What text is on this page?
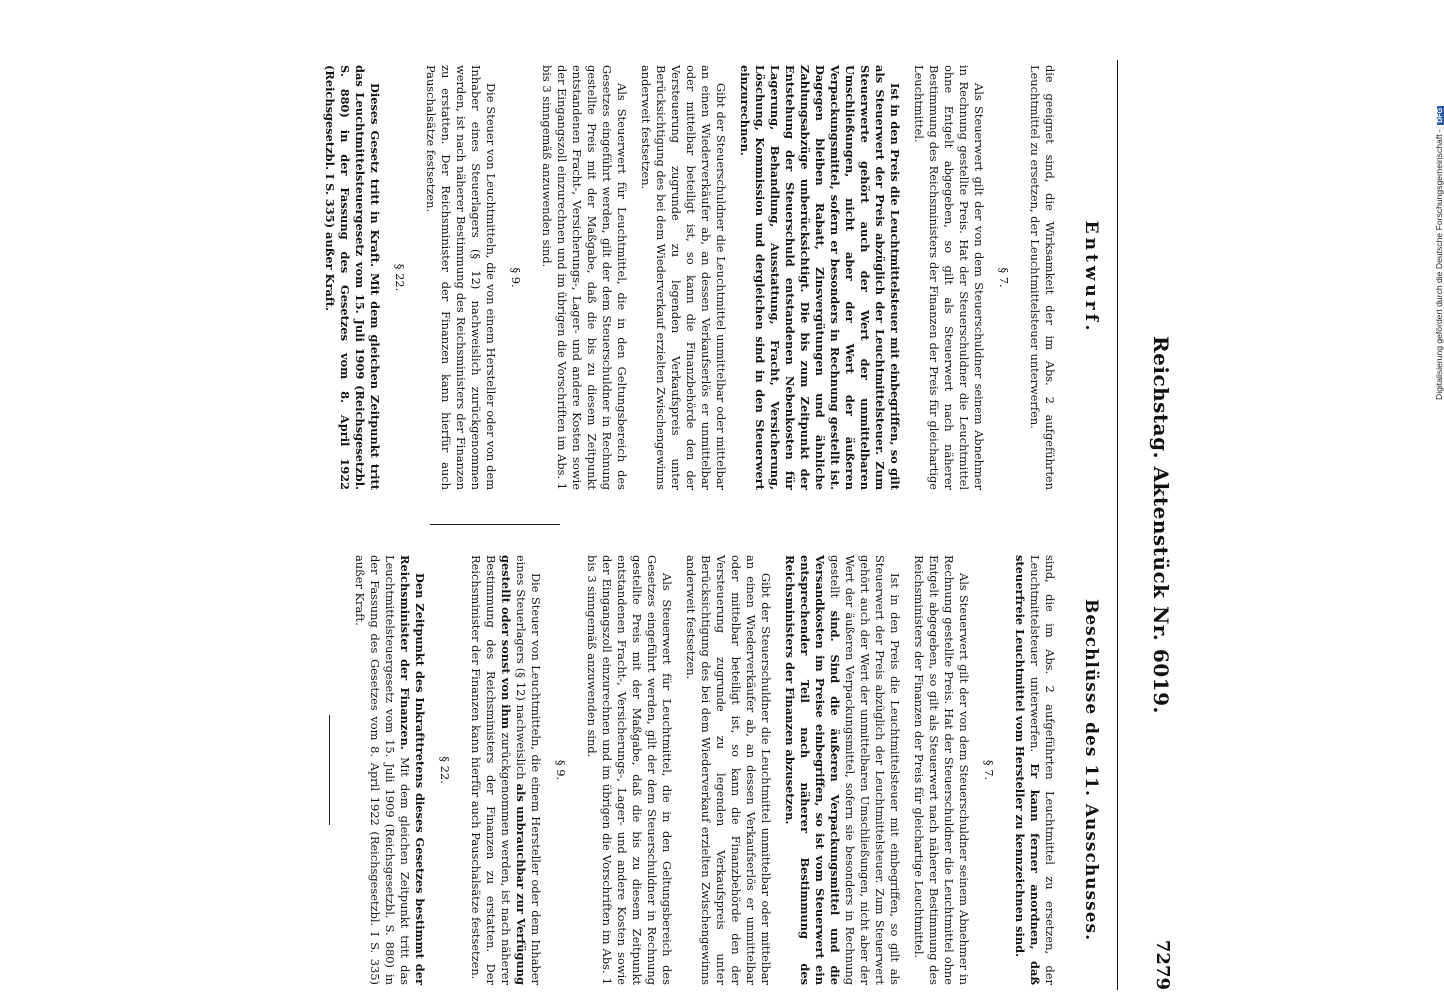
Reichstag. Aktenstück Nr. 6019.
7279
Entwurf.

die geeignet sind, die Wirksamkeit der im Abs. 2 aufgeführten Leuchtmittel zu ersetzen, der Leuchtmittelsteuer unterwerfen.

§ 7.

Als Steuerwert gilt der von dem Steuerschuldner seinem Abnehmer in Rechnung gestellte Preis. Hat der Steuerschuldner die Leuchtmittel ohne Entgelt abgegeben, so gilt als Steuerwert nach näherer Bestimmung des Reichsministers der Finanzen der Preis für gleichartige Leuchtmittel.

Ist in den Preis die Leuchtmittelsteuer mit einbegriffen, so gilt als Steuerwert der Preis abzüglich der Leuchtmittelsteuer. Zum Steuerwerte gehört auch der Wert der unmittelbaren Umschließungen, nicht aber der Wert der äußeren Verpackungsmittel, sofern er besonders in Rechnung gestellt ist. Dagegen bleiben Rabatt, Zinsvergütungen und ähnliche Zahlungsabzüge unberücksichtigt. Die bis zum Zeitpunkt der Entstehung der Steuerschuld entstandenen Nebenkosten für Lagerung, Behandlung, Ausstattung, Fracht, Versicherung, Löschung, Kommission und dergleichen sind in den Steuerwert einzurechnen.

Gibt der Steuerschuldner die Leuchtmittel unmittelbar oder mittelbar an einen Wiederverkäufer ab, an dessen Verkaufserlös er unmittelbar oder mittelbar beteiligt ist, so kann die Finanzbehörde den der Versteuerung zugrunde zu legenden Verkaufspreis unter Berücksichtigung des bei dem Wiederverkauf erzielten Zwischengewinns anderweit festsetzen.

Als Steuerwert für Leuchtmittel, die in den Geltungsbereich des Gesetzes eingeführt werden, gilt der dem Steuerschuldner in Rechnung gestellte Preis mit der Maßgabe, daß die bis zu diesem Zeitpunkt entstandenen Fracht-, Versicherungs-, Lager- und andere Kosten sowie der Eingangszoll einzurechnen und im übrigen die Vorschriften im Abs. 1 bis 3 sinngemäß anzuwenden sind.

§ 9.

Die Steuer von Leuchtmitteln, die von einem Hersteller oder von dem Inhaber eines Steuerlagers (§ 12) nachweislich zurückgenommen werden, ist nach näherer Bestimmung des Reichsministers der Finanzen zu erstatten. Der Reichsminister der Finanzen kann hierfür auch Pauschalsätze festsetzen.

§ 22.

Dieses Gesetz tritt in Kraft. Mit dem gleichen Zeitpunkt tritt das Leuchtmittelsteuergesetz vom 15. Juli 1909 (Reichsgesetzbl. S. 880) in der Fassung des Gesetzes vom 8. April 1922 (Reichsgesetzbl. I S. 335) außer Kraft.

Beschlüsse des 11. Ausschusses.

sind, die im Abs. 2 aufgeführten Leuchtmittel zu ersetzen, der Leuchtmittelsteuer unterwerfen. Er kann ferner anordnen, daß steuerfreie Leuchtmittel vom Hersteller zu kennzeichnen sind.

§ 7.

Als Steuerwert gilt der von dem Steuerschuldner seinem Abnehmer in Rechnung gestellte Preis. Hat der Steuerschuldner die Leuchtmittel ohne Entgelt abgegeben, so gilt als Steuerwert nach näherer Bestimmung des Reichsministers der Finanzen der Preis für gleichartige Leuchtmittel.

Ist in den Preis die Leuchtmittelsteuer mit einbegriffen, so gilt als Steuerwert der Preis abzüglich der Leuchtmittelsteuer. Zum Steuerwert gehört auch der Wert der unmittelbaren Umschließungen, nicht aber der Wert der äußeren Verpackungsmittel, sofern sie besonders in Rechnung gestellt sind. Sind die äußeren Verpackungsmittel und die Versandkosten im Preise einbegriffen, so ist vom Steuerwert ein entsprechender Teil nach näherer Bestimmung des Reichsministers der Finanzen abzusetzen.

Gibt der Steuerschuldner die Leuchtmittel unmittelbar oder mittelbar an einen Wiederverkäufer ab, an dessen Verkaufserlös er unmittelbar oder mittelbar beteiligt ist, so kann die Finanzbehörde den der Versteuerung zugrunde zu legenden Verkaufspreis unter Berücksichtigung des bei dem Wiederverkauf erzielten Zwischengewinns anderweit festsetzen.

Als Steuerwert für Leuchtmittel, die in den Geltungsbereich des Gesetzes eingeführt werden, gilt der dem Steuerschuldner in Rechnung gestellte Preis mit der Maßgabe, daß die bis zu diesem Zeitpunkt entstandenen Fracht-, Versicherungs-, Lager- und andere Kosten sowie der Eingangszoll einzurechnen und im übrigen die Vorschriften im Abs. 1 bis 3 sinngemäß anzuwenden sind.

§ 9.

Die Steuer von Leuchtmitteln, die einem Hersteller oder dem Inhaber eines Steuerlagers (§ 12) nachweislich als unbrauchbar zur Verfügung gestellt oder sonst von ihm zurückgenommen werden, ist nach näherer Bestimmung des Reichsministers der Finanzen zu erstatten. Der Reichsminister der Finanzen kann hierfür auch Pauschalsätze festsetzen.

§ 22.

Den Zeitpunkt des Inkrafttretens dieses Gesetzes bestimmt der Reichsminister der Finanzen. Mit dem gleichen Zeitpunkt tritt das Leuchtmittelsteuergesetz vom 15. Juli 1909 (Reichsgesetzbl. S. 880) in der Fassung des Gesetzes vom 8. April 1922 (Reichsgesetzbl. I S. 335) außer Kraft.

Digitalisierung gefördert durch die Deutsche Forschungsgemeinschaft - DFG
